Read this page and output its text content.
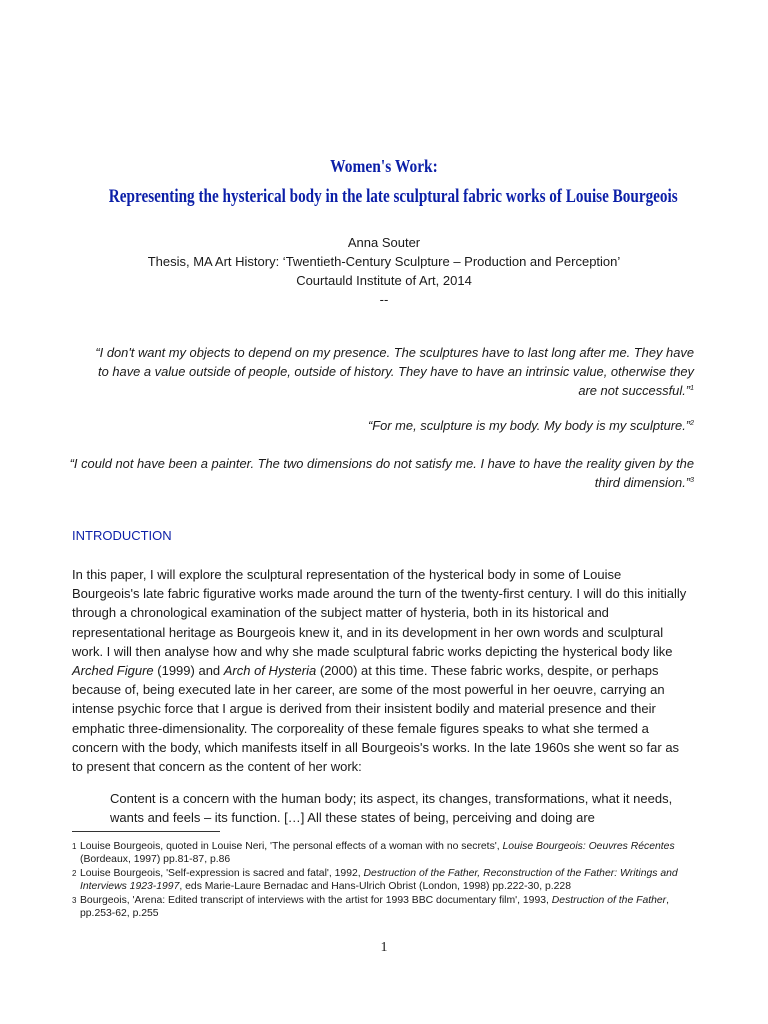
Women's Work:
Representing the hysterical body in the late sculptural fabric works of Louise Bourgeois
Anna Souter
Thesis, MA Art History: ‘Twentieth-Century Sculpture – Production and Perception’
Courtauld Institute of Art, 2014
--
“I don't want my objects to depend on my presence. The sculptures have to last long after me. They have to have a value outside of people, outside of history. They have to have an intrinsic value, otherwise they are not successful.”$^1$
“For me, sculpture is my body. My body is my sculpture.”$^2$
“I could not have been a painter. The two dimensions do not satisfy me. I have to have the reality given by the third dimension.”$^3$
INTRODUCTION
In this paper, I will explore the sculptural representation of the hysterical body in some of Louise Bourgeois's late fabric figurative works made around the turn of the twenty-first century. I will do this initially through a chronological examination of the subject matter of hysteria, both in its historical and representational heritage as Bourgeois knew it, and in its development in her own words and sculptural work. I will then analyse how and why she made sculptural fabric works depicting the hysterical body like Arched Figure (1999) and Arch of Hysteria (2000) at this time. These fabric works, despite, or perhaps because of, being executed late in her career, are some of the most powerful in her oeuvre, carrying an intense psychic force that I argue is derived from their insistent bodily and material presence and their emphatic three-dimensionality. The corporeality of these female figures speaks to what she termed a concern with the body, which manifests itself in all Bourgeois's works. In the late 1960s she went so far as to present that concern as the content of her work:
Content is a concern with the human body; its aspect, its changes, transformations, what it needs, wants and feels – its function. […] All these states of being, perceiving and doing are
1 Louise Bourgeois, quoted in Louise Neri, 'The personal effects of a woman with no secrets', Louise Bourgeois: Oeuvres Récentes (Bordeaux, 1997) pp.81-87, p.86
2 Louise Bourgeois, 'Self-expression is sacred and fatal', 1992, Destruction of the Father, Reconstruction of the Father: Writings and Interviews 1923-1997, eds Marie-Laure Bernadac and Hans-Ulrich Obrist (London, 1998) pp.222-30, p.228
3 Bourgeois, 'Arena: Edited transcript of interviews with the artist for 1993 BBC documentary film', 1993, Destruction of the Father, pp.253-62, p.255
1
